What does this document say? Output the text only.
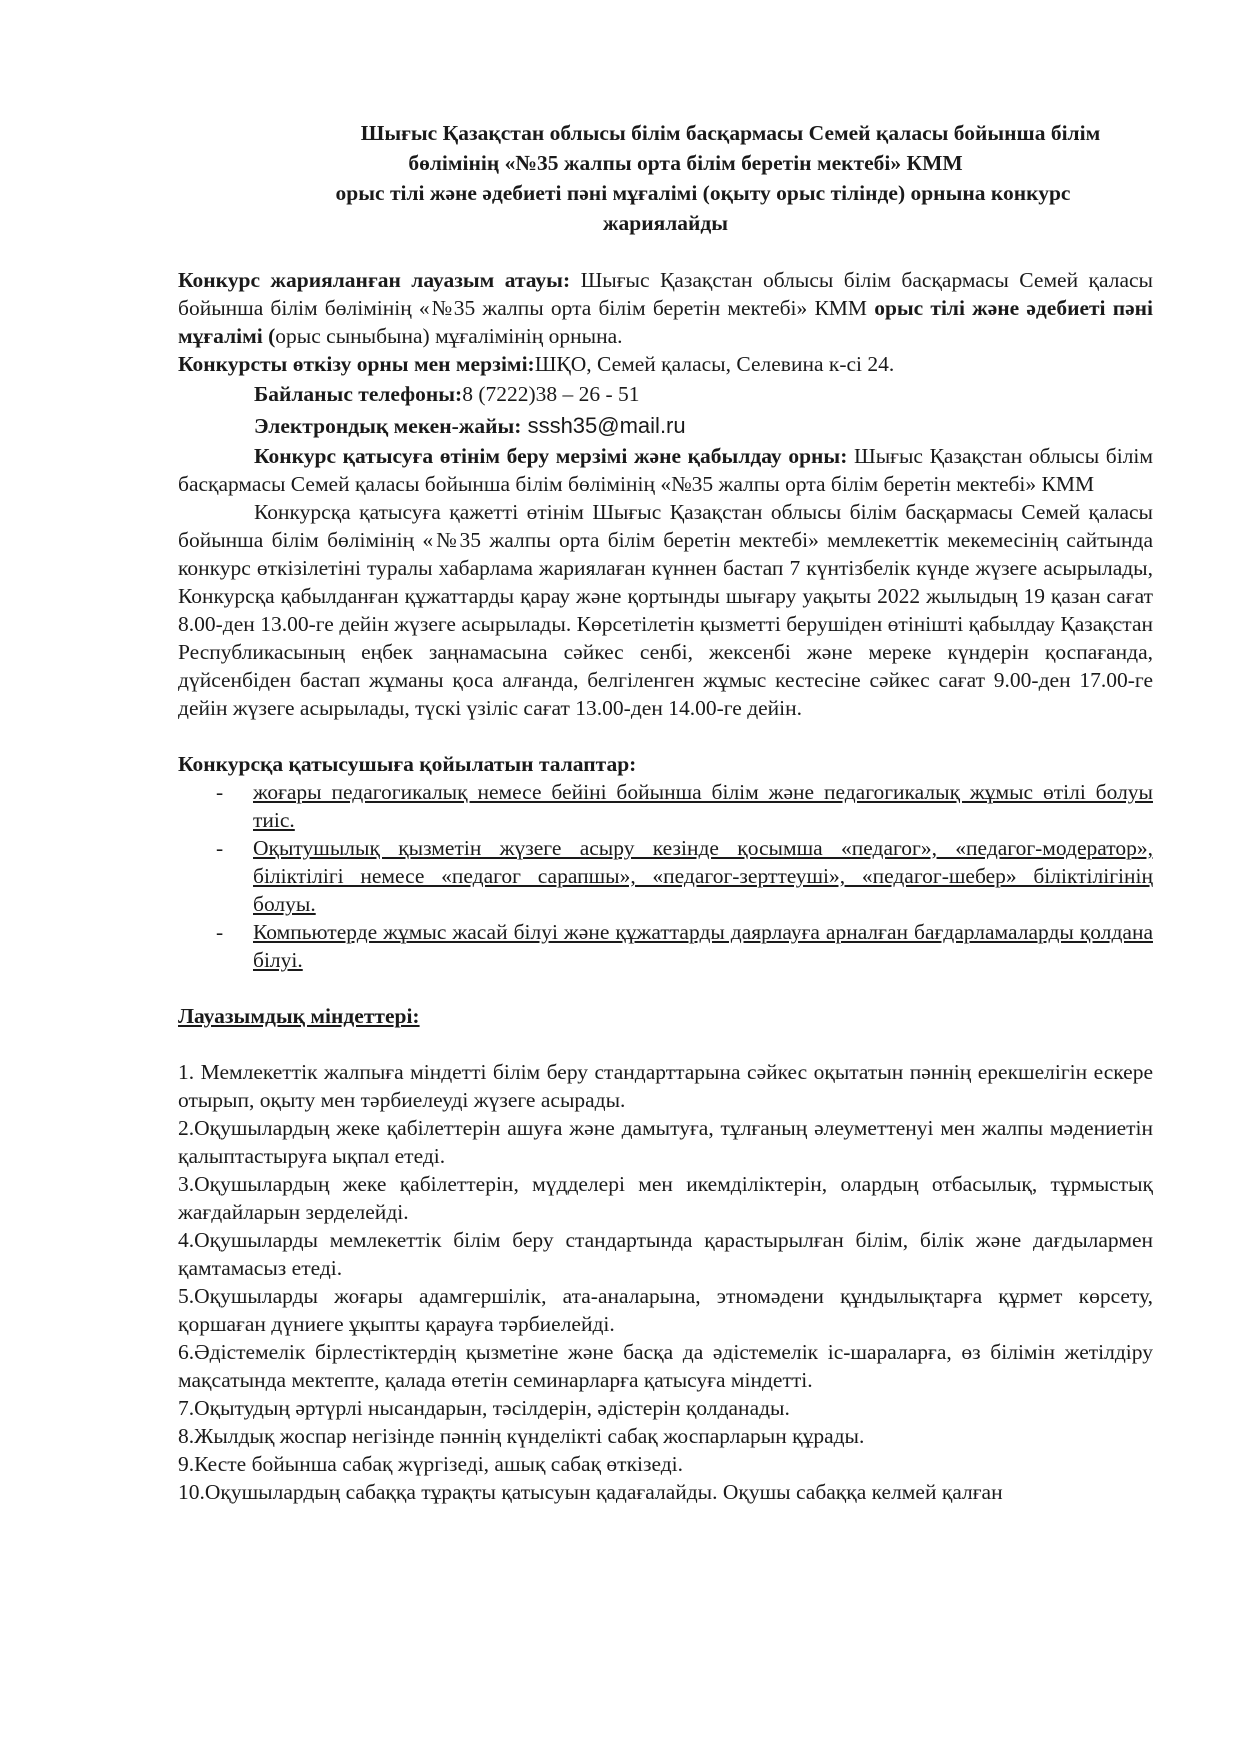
Шығыс Қазақстан облысы білім басқармасы Семей қаласы бойынша білім
бөлімінің «№35 жалпы орта білім беретін мектебі» КММ
орыс тілі және әдебиеті пәні мұғалімі (оқыту орыс тілінде) орнына конкурс
жариялайды

Конкурс жарияланған лауазым атауы: Шығыс Қазақстан облысы білім басқармасы Семей қаласы бойынша білім бөлімінің «№35 жалпы орта білім беретін мектебі» КММ орыс тілі және әдебиеті пәні мұғалімі (орыс сыныбына) мұғалімінің орнына.

Конкурсты өткізу орны мен мерзімі:ШҚО, Семей қаласы, Селевина к-сі 24.

Байланыс телефоны:8 (7222)38 – 26 - 51

Электрондық мекен-жайы: sssh35@mail.ru

Конкурс қатысуға өтінім беру мерзімі және қабылдау орны: Шығыс Қазақстан облысы білім басқармасы Семей қаласы бойынша білім бөлімінің «№35 жалпы орта білім беретін мектебі» КММ

Конкурсқа қатысуға қажетті өтінім Шығыс Қазақстан облысы білім басқармасы Семей қаласы бойынша білім бөлімінің «№35 жалпы орта білім беретін мектебі» мемлекеттік мекемесінің сайтында конкурс өткізілетіні туралы хабарлама жариялаған күннен бастап 7 күнтізбелік күнде жүзеге асырылады, Конкурсқа қабылданған құжаттарды қарау және қортынды шығару уақыты 2022 жылыдың 19 қазан сағат 8.00-ден 13.00-ге дейін жүзеге асырылады. Көрсетілетін қызметті берушіден өтінішті қабылдау Қазақстан Республикасының еңбек заңнамасына сәйкес сенбі, жексенбі және мереке күндерін қоспағанда, дүйсенбіден бастап жұманы қоса алғанда, белгіленген жұмыс кестесіне сәйкес сағат 9.00-ден 17.00-ге дейін жүзеге асырылады, түскі үзіліс сағат 13.00-ден 14.00-ге дейін.

Конкурсқа қатысушыға қойылатын талаптар:

- жоғары педагогикалық немесе бейіні бойынша білім және педагогикалық жұмыс өтілі болуы тиіс.
- Оқытушылық қызметін жүзеге асыру кезінде қосымша «педагог», «педагог-модератор», біліктілігі немесе «педагог сарапшы», «педагог-зерттеуші», «педагог-шебер» біліктілігінің болуы.
- Компьютерде жұмыс жасай білуі және құжаттарды даярлауға арналған бағдарламаларды қолдана білуі.

Лауазымдық міндеттері:

1. Мемлекеттік жалпыға міндетті білім беру стандарттарына сәйкес оқытатын пәннің ерекшелігін ескере отырып, оқыту мен тәрбиелеуді жүзеге асырады.

2.Оқушылардың жеке қабілеттерін ашуға және дамытуға, тұлғаның әлеуметтенуі мен жалпы мәдениетін қалыптастыруға ықпал етеді.

3.Оқушылардың жеке қабілеттерін, мүдделері мен икемділіктерін, олардың отбасылық, тұрмыстық жағдайларын зерделейді.

4.Оқушыларды мемлекеттік білім беру стандартында қарастырылған білім, білік және дағдылармен қамтамасыз етеді.

5.Оқушыларды жоғары адамгершілік, ата-аналарына, этномәдени құндылықтарға құрмет көрсету, қоршаған дүниеге ұқыпты қарауға тәрбиелейді.

6.Әдістемелік бірлестіктердің қызметіне және басқа да әдістемелік іс-шараларға, өз білімін жетілдіру мақсатында мектепте, қалада өтетін семинарларға қатысуға міндетті.

7.Оқытудың әртүрлі нысандарын, тәсілдерін, әдістерін қолданады.

8.Жылдық жоспар негізінде пәннің күнделікті сабақ жоспарларын құрады.

9.Кесте бойынша сабақ жүргізеді, ашық сабақ өткізеді.

10.Оқушылардың сабаққа тұрақты қатысуын қадағалайды. Оқушы сабаққа келмей қалған
